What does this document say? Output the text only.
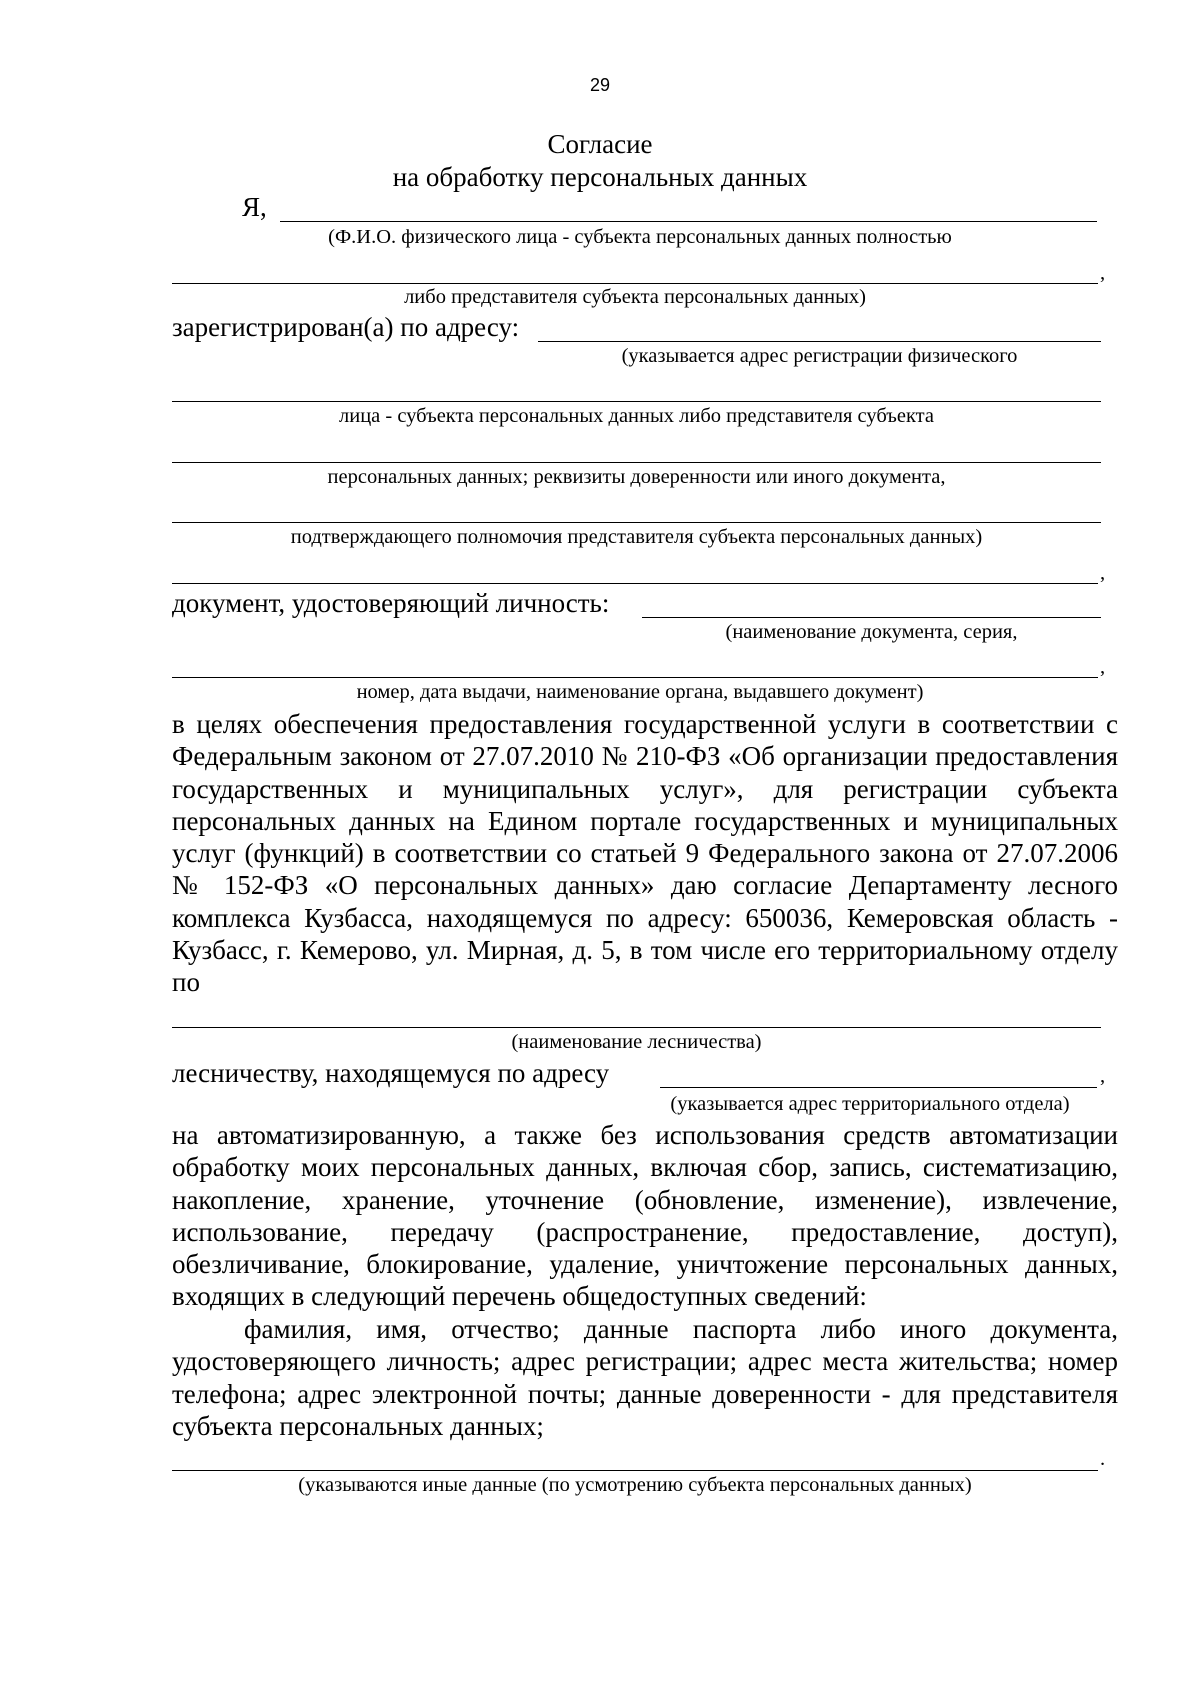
29
Согласие
на обработку персональных данных
Я,
(Ф.И.О. физического лица - субъекта персональных данных полностью
,
либо представителя субъекта персональных данных)
зарегистрирован(а) по адресу:
(указывается адрес регистрации физического
лица - субъекта персональных данных либо представителя субъекта
персональных данных; реквизиты доверенности или иного документа,
подтверждающего полномочия представителя субъекта персональных данных)
,
документ, удостоверяющий личность:
(наименование документа, серия,
,
номер, дата выдачи, наименование органа, выдавшего документ)
в целях обеспечения предоставления государственной услуги в соответствии с Федеральным законом от 27.07.2010 № 210-ФЗ «Об организации предоставления государственных и муниципальных услуг», для регистрации субъекта персональных данных на Едином портале государственных и муниципальных услуг (функций) в соответствии со статьей 9 Федерального закона от 27.07.2006 № 152-ФЗ «О персональных данных» даю согласие Департаменту лесного комплекса Кузбасса, находящемуся по адресу: 650036, Кемеровская область - Кузбасс, г. Кемерово, ул. Мирная, д. 5, в том числе его территориальному отделу по
(наименование лесничества)
лесничеству, находящемуся по адресу	,
(указывается адрес территориального отдела)
на автоматизированную, а также без использования средств автоматизации обработку моих персональных данных, включая сбор, запись, систематизацию, накопление, хранение, уточнение (обновление, изменение), извлечение, использование, передачу (распространение, предоставление, доступ), обезличивание, блокирование, удаление, уничтожение персональных данных, входящих в следующий перечень общедоступных сведений:
фамилия, имя, отчество; данные паспорта либо иного документа, удостоверяющего личность; адрес регистрации; адрес места жительства; номер телефона; адрес электронной почты; данные доверенности - для представителя субъекта персональных данных;
.
(указываются иные данные (по усмотрению субъекта персональных данных)
